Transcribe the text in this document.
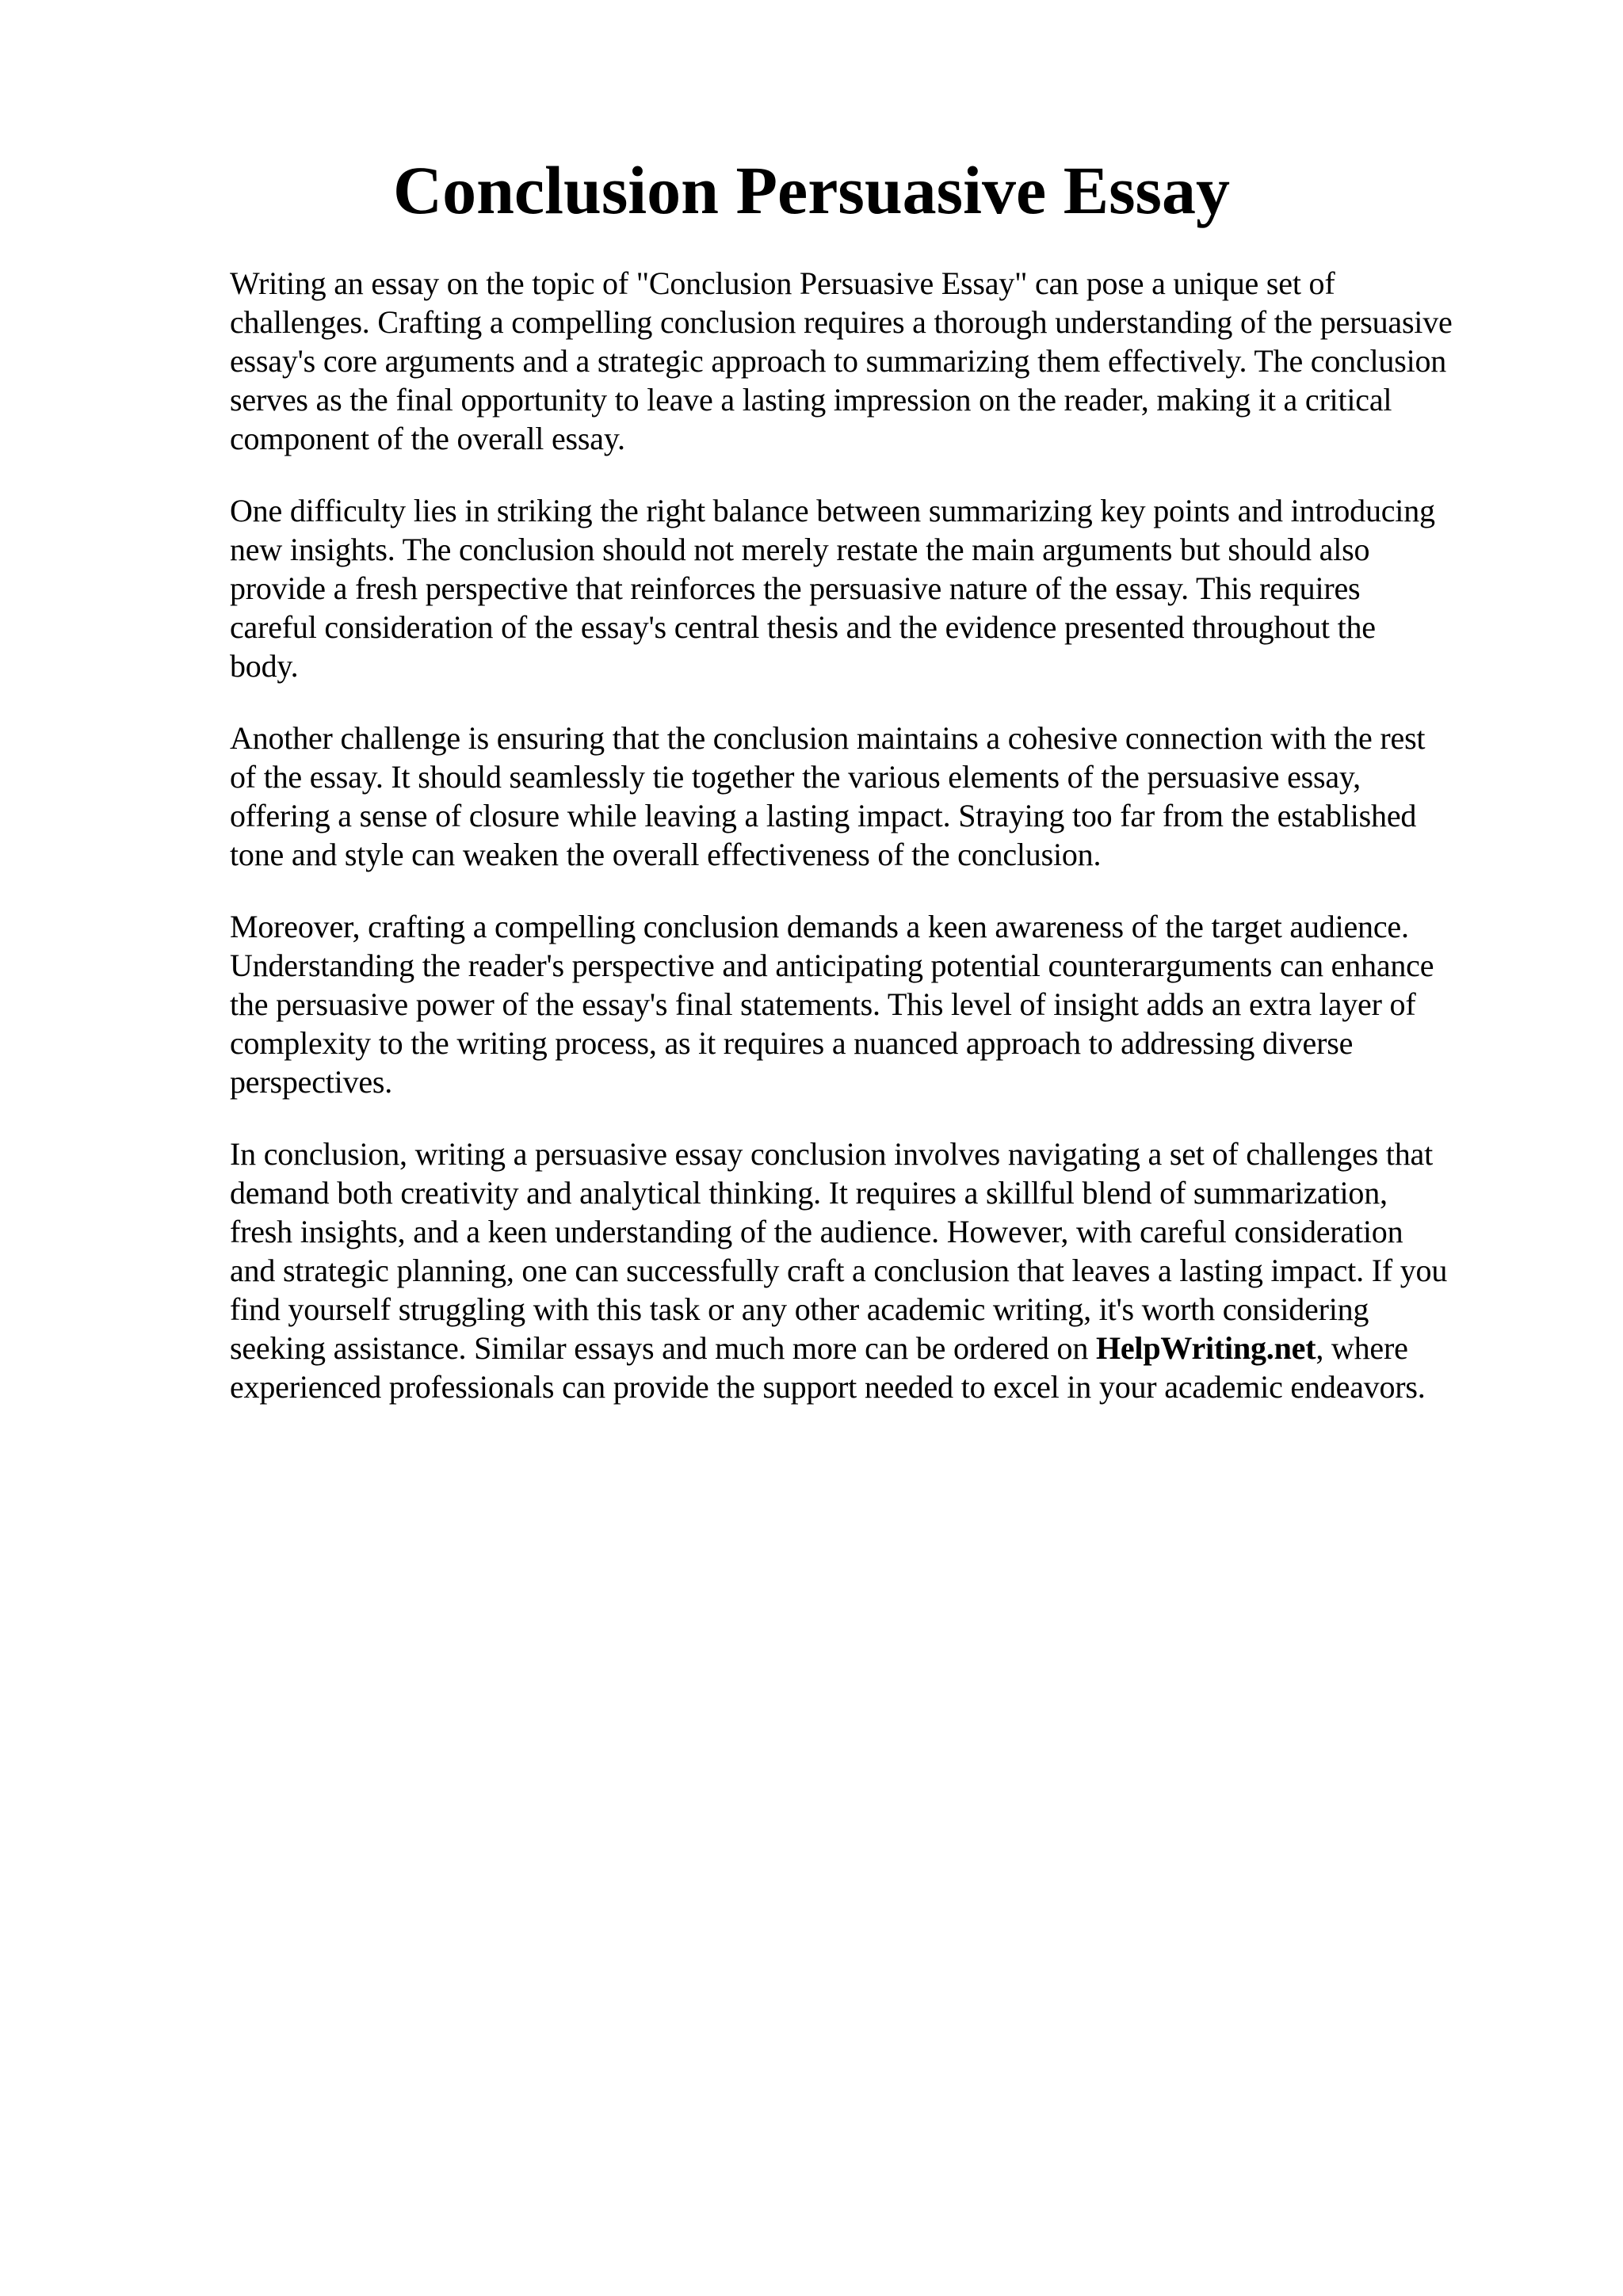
Conclusion Persuasive Essay

Writing an essay on the topic of "Conclusion Persuasive Essay" can pose a unique set of
challenges. Crafting a compelling conclusion requires a thorough understanding of the persuasive
essay's core arguments and a strategic approach to summarizing them effectively. The conclusion
serves as the final opportunity to leave a lasting impression on the reader, making it a critical
component of the overall essay.

One difficulty lies in striking the right balance between summarizing key points and introducing
new insights. The conclusion should not merely restate the main arguments but should also
provide a fresh perspective that reinforces the persuasive nature of the essay. This requires
careful consideration of the essay's central thesis and the evidence presented throughout the
body.

Another challenge is ensuring that the conclusion maintains a cohesive connection with the rest
of the essay. It should seamlessly tie together the various elements of the persuasive essay,
offering a sense of closure while leaving a lasting impact. Straying too far from the established
tone and style can weaken the overall effectiveness of the conclusion.

Moreover, crafting a compelling conclusion demands a keen awareness of the target audience.
Understanding the reader's perspective and anticipating potential counterarguments can enhance
the persuasive power of the essay's final statements. This level of insight adds an extra layer of
complexity to the writing process, as it requires a nuanced approach to addressing diverse
perspectives.

In conclusion, writing a persuasive essay conclusion involves navigating a set of challenges that
demand both creativity and analytical thinking. It requires a skillful blend of summarization,
fresh insights, and a keen understanding of the audience. However, with careful consideration
and strategic planning, one can successfully craft a conclusion that leaves a lasting impact. If you
find yourself struggling with this task or any other academic writing, it's worth considering
seeking assistance. Similar essays and much more can be ordered on HelpWriting.net, where
experienced professionals can provide the support needed to excel in your academic endeavors.
